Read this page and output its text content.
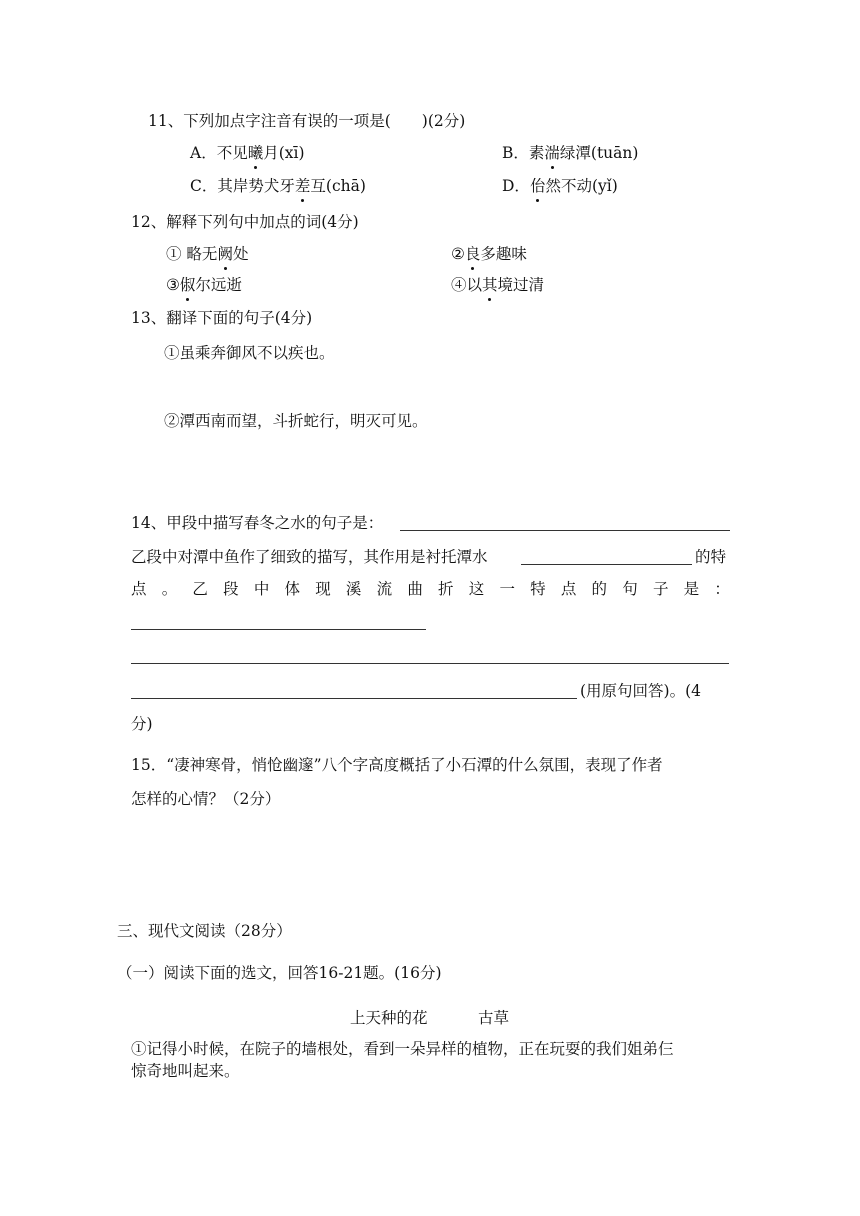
11、下列加点字注音有误的一项是(　　)(2分)
A．不见曦月(xī)	B．素湍绿潭(tuān)
C．其岸势犬牙差互(chā)	D．佁然不动(yǐ)
12、解释下列句中加点的词(4分)
① 略无阙处	②良多趣味
③俶尔远逝	④以其境过清
13、翻译下面的句子(4分)
①虽乘奔御风不以疾也。
②潭西南而望，斗折蛇行，明灭可见。
14、甲段中描写春冬之水的句子是：
乙段中对潭中鱼作了细致的描写，其作用是衬托潭水	的特
点 。 乙 段 中 体 现 溪 流 曲 折 这 一 特 点 的 句 子 是 ：
(用原句回答)。(4
分)
15．“凄神寒骨，悄怆幽邃”八个字高度概括了小石潭的什么氛围，表现了作者
怎样的心情？（2分）
三、现代文阅读（28分）
（一）阅读下面的选文，回答16-21题。(16分)
上天种的花	古草
①记得小时候，在院子的墙根处，看到一朵异样的植物，正在玩耍的我们姐弟仨
惊奇地叫起来。
